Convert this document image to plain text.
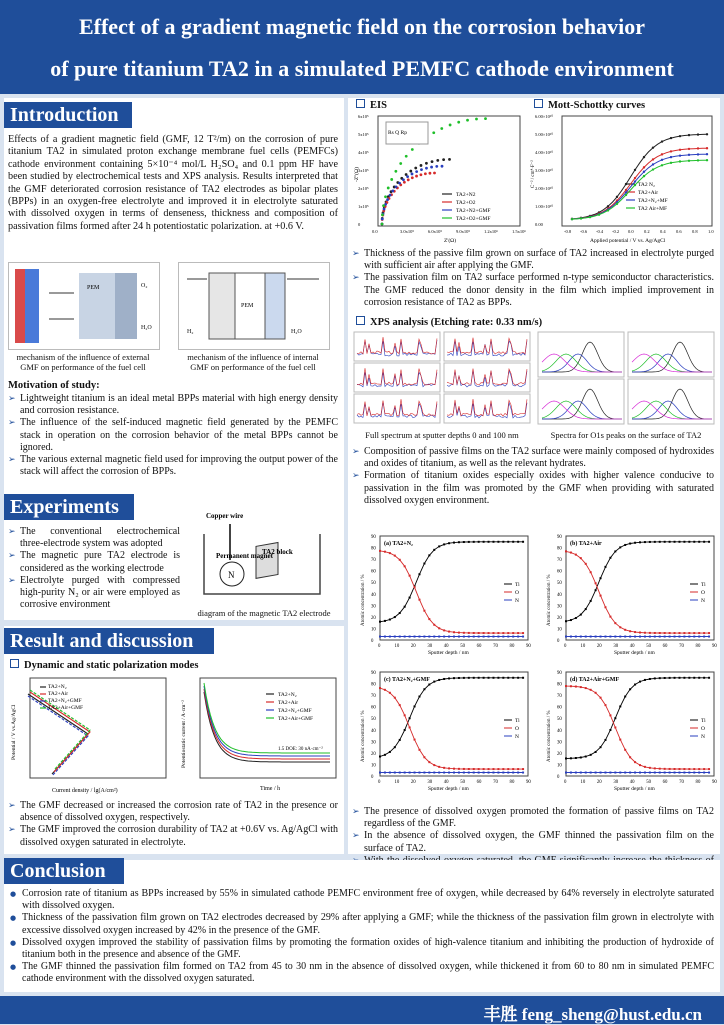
Effect of a gradient magnetic field on the corrosion behavior
of pure titanium TA2 in a simulated PEMFC cathode environment
Introduction
Effects of a gradient magnetic field (GMF, 12 T²/m) on the corrosion of pure titanium TA2 in simulated proton exchange membrane fuel cells (PEMFCs) cathode environment containing 5×10⁻⁴ mol/L H₂SO₄ and 0.1 ppm HF have been studied by electrochemical tests and XPS analysis. Results interpreted that the GMF deteriorated corrosion resistance of TA2 electrodes as bipolar plates (BPPs) in an oxygen-free electrolyte and improved it in electrolyte saturated with dissolved oxygen in terms of denseness, thickness and composition of passivation films formed after 24 h potentiostatic polarization. at +0.6 V.
PEM	O₂
H₂O
PEM
H₂O
H₂
mechanism of the influence of external GMF on performance of the fuel cell
mechanism of the influence of internal GMF on performance of the fuel cell
Motivation of study:
➢ Lightweight titanium is an ideal metal BPPs material with high energy density and corrosion resistance.
➢ The influence of the self-induced magnetic field generated by the PEMFC stack in operation on the corrosion behavior of the metal BPPs cannot be ignored.
➢ The various external magnetic field used for improving the output power of the stack will affect the corrosion of BPPs.
Experiments
➢ The conventional electrochemical three-electrode system was adopted
➢ The magnetic pure TA2 electrode is considered as the working electrode
➢ Electrolyte purged with compressed high-purity N₂ or air were employed as corrosive environment
N
Copper wire
Permanent magnet
TA2 block
diagram of the magnetic TA2 electrode
Result and discussion
Dynamic and static polarization modes
TA2+N₂
TA2+Air
TA2+N₂+GMF
TA2+Air+GMF
Current density / lg(A/cm²)
Potential / V vs.Ag/AgCl
TA2+N₂
TA2+Air
TA2+N₂+GMF
TA2+Air+GMF
1.5 DOE: 30 nA·cm⁻²
Time / h
Potentiostatic current / A·cm⁻²
➢ The GMF decreased or increased the corrosion rate of TA2 in the presence or absence of dissolved oxygen, respectively.
➢ The GMF improved the corrosion durability of TA2 at +0.6V vs. Ag/AgCl with dissolved oxygen saturated in electrolyte.
EIS	Mott-Schottky curves
Rs Q Rp
TA2+N2
TA2+O2
TA2+N2+GMF
TA2+O2+GMF
0.0	3.0x10⁵	6.0x10⁵	9.0x10⁵	1.2x10⁶	1.5x10⁶
0
1x10⁵
2x10⁵
3x10⁵
4x10⁵
5x10⁵
6x10⁵
Z'(Ω)
-Z''(Ω)
TA2 N₂
TA2+Air
TA2+N₂+MF
TA2 Air+MF
-0.8 -0.6 -0.4 -0.2 0.0 0.2 0.4 0.6 0.8 1.0
0.00
1.00×10¹⁰
2.00×10¹⁰
3.00×10¹⁰
4.00×10¹⁰
5.00×10¹⁰
6.00×10¹⁰
Applied potential / V vs. Ag/AgCl
C⁻² / cm⁴·F⁻²
➢ Thickness of the passive film grown on surface of TA2 increased in electrolyte purged with sufficient air after applying the GMF.
➢ The passivation film on TA2 surface performed n-type semiconductor characteristics. The GMF reduced the donor density in the film which implied improvement in corrosion resistance of TA2 as BPPs.
XPS analysis (Etching rate: 0.33 nm/s)
Full spectrum at sputter depths 0 and 100 nm	Spectra for O1s peaks on the surface of TA2
➢ Composition of passive films on the TA2 surface were mainly composed of hydroxides and oxides of titanium, as well as the relevant hydrates.
➢ Formation of titanium oxides especially oxides with higher valence conducive to passivation in the film was promoted by the GMF when providing with saturated dissolved oxygen environment.
(a) TA2+N₂
Ti
O
N
0	10 20 30 40 50 60 70 80 90
0
10
20
30
40
50
60
70
80
90
Sputter depth / nm
Atomic concentration / %
(b) TA2+Air
Ti
O
N
0	10 20 30 40 50 60 70 80 90
0
10
20
30
40
50
60
70
80
90
Sputter depth / nm
Atomic concentration / %
(c) TA2+N₂+GMF
Ti
O
N
0	10 20 30 40 50 60 70 80 90
0
10
20
30
40
50
60
70
80
90
Sputter depth / nm
Atomic concentration / %
(d) TA2+Air+GMF
Ti
O
N
0	10 20 30 40 50 60 70 80 90
0
10
20
30
40
50
60
70
80
90
Sputter depth / nm
Atomic concentration / %
➢ The presence of dissolved oxygen promoted the formation of passive films on TA2 regardless of the GMF.
➢ In the absence of dissolved oxygen, the GMF thinned the passivation film on the surface of TA2.
➢
Conclusion
● Corrosion rate of titanium as BPPs increased by 55% in simulated cathode PEMFC environment free of oxygen, while decreased by 64% reversely in electrolyte saturated with dissolved oxygen.
● Thickness of the passivation film grown on TA2 electrodes decreased by 29% after applying a GMF; while the thickness of the passivation film grown in electrolyte with excessive dissolved oxygen increased by 42% in the presence of the GMF.
● Dissolved oxygen improved the stability of passivation films by promoting the formation oxides of high-valence titanium and inhibiting the production of hydroxide of titanium both in the presence and absence of the GMF.
● The GMF thinned the passivation film formed on TA2 from 45 to 30 nm in the absence of dissolved oxygen, while thickened it from 60 to 80 nm in simulated PEMFC cathode environment with the dissolved oxygen saturated.
丰胜 feng_sheng@hust.edu.cn
